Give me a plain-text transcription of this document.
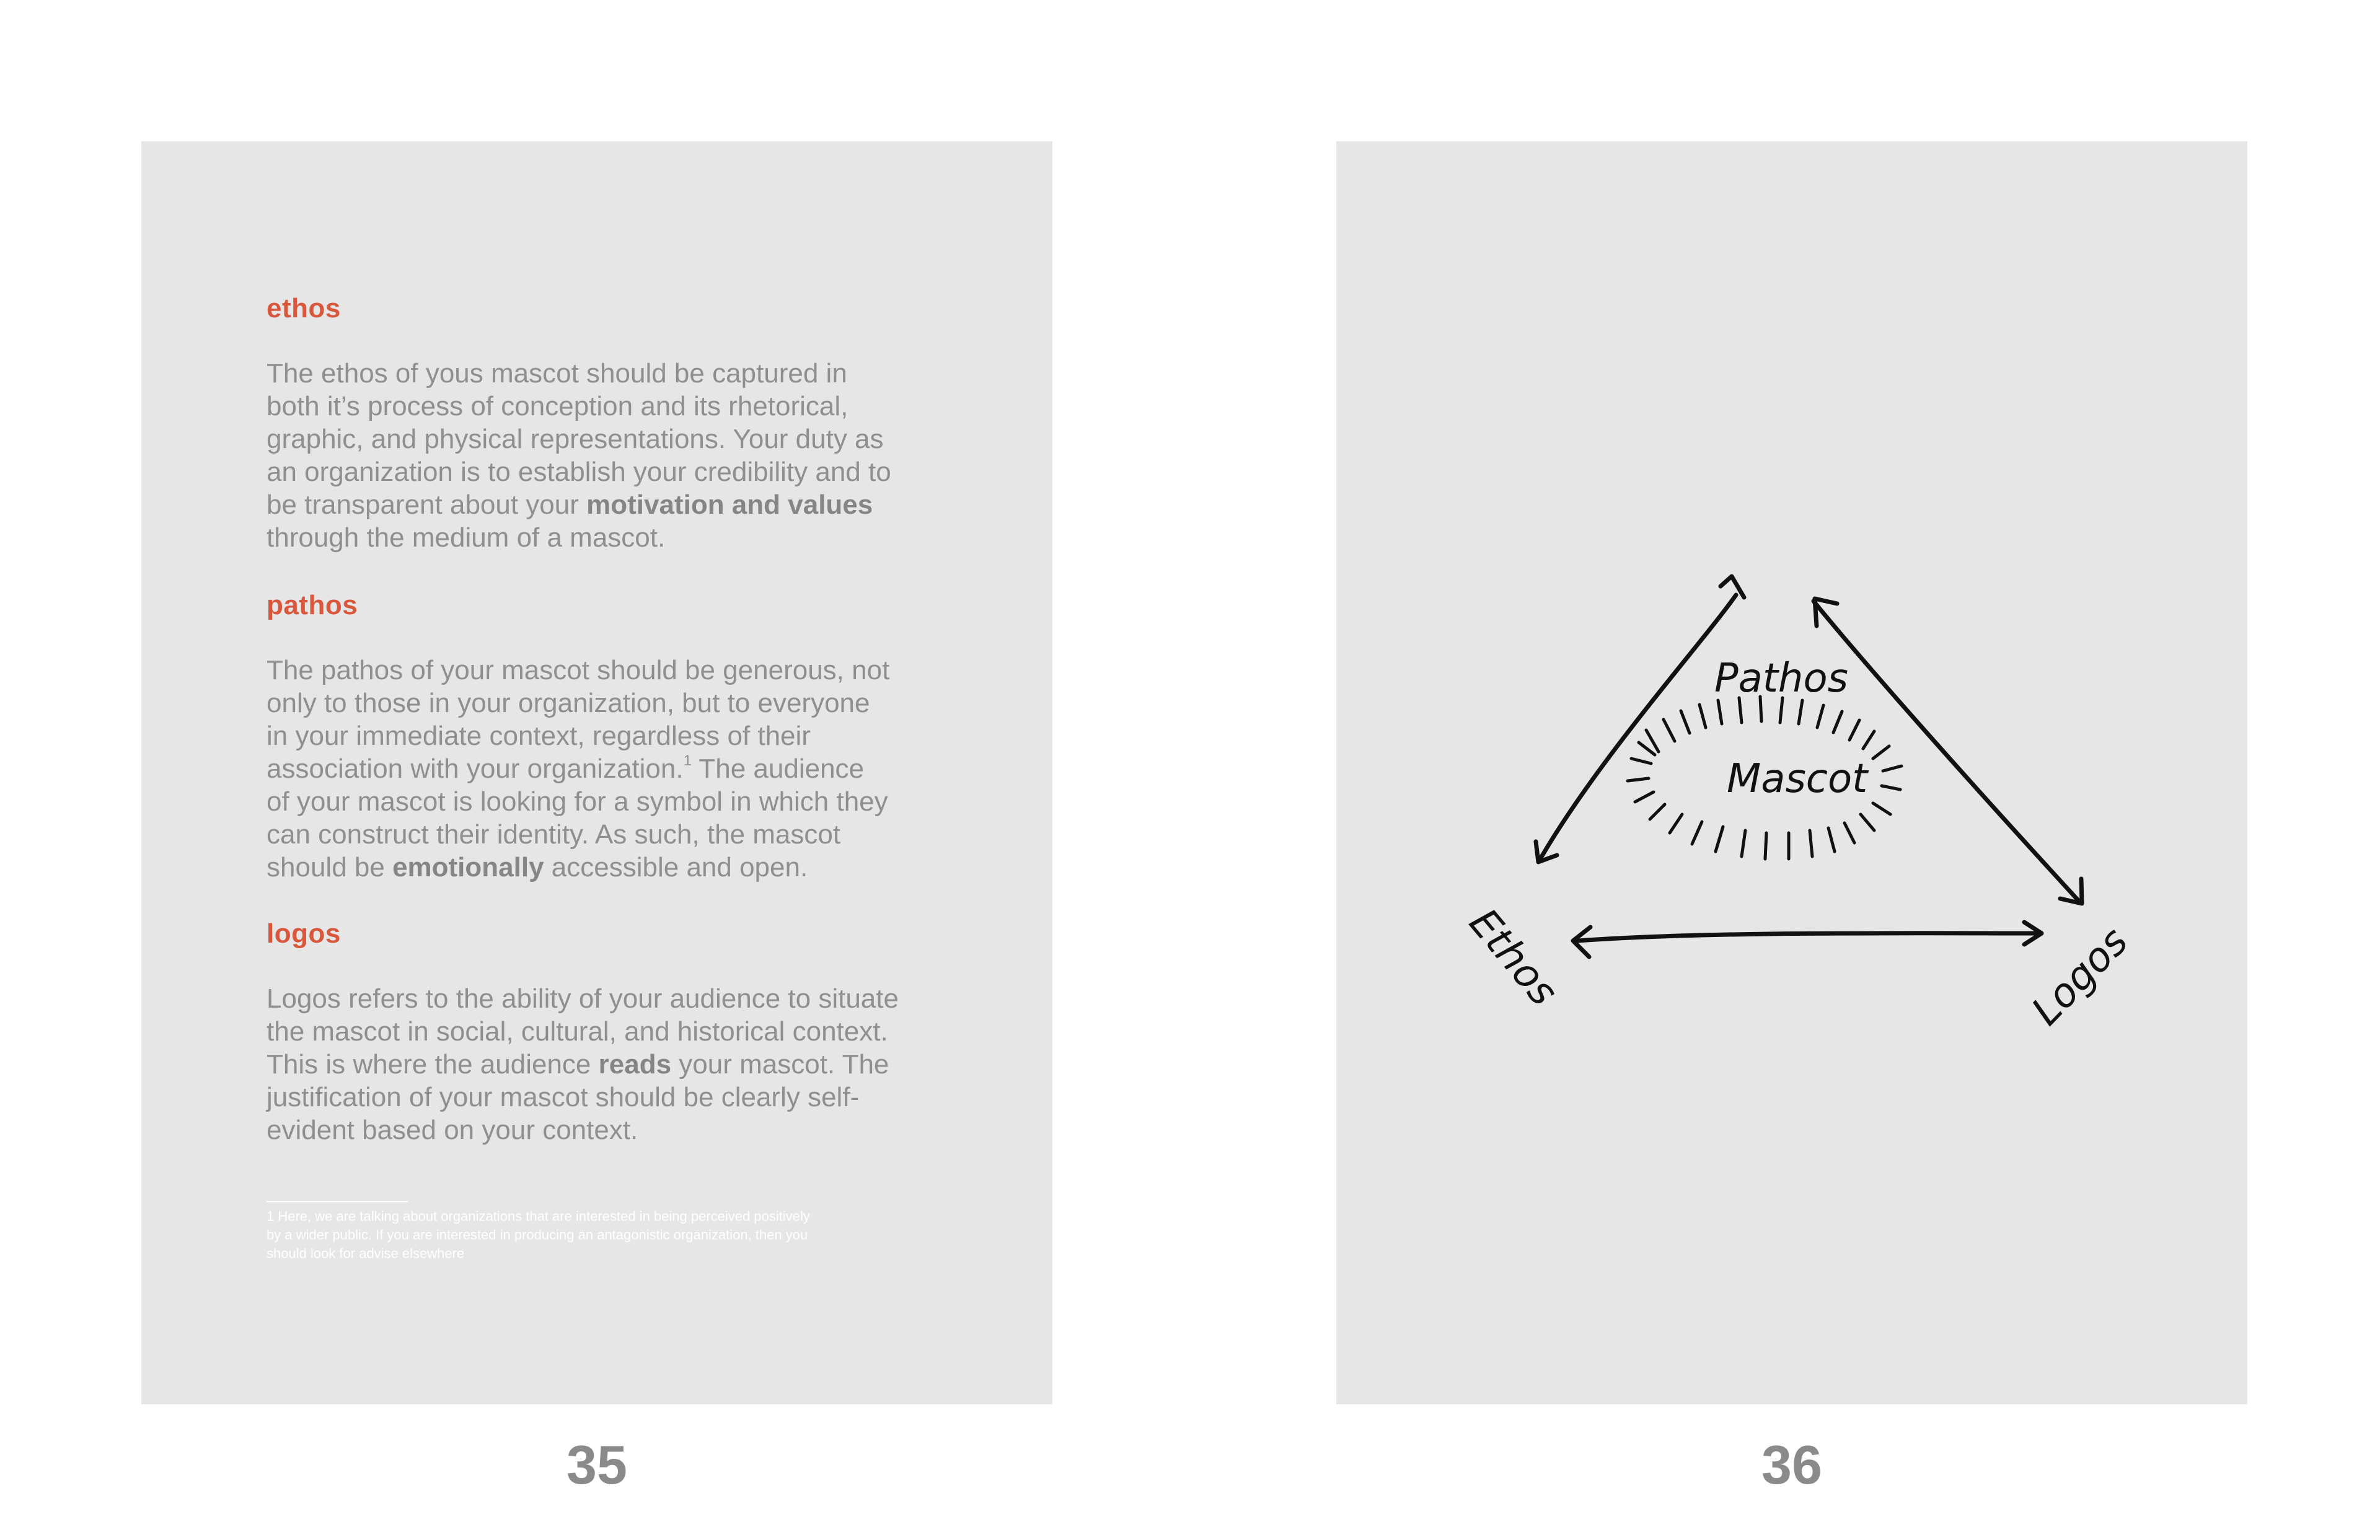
ethos

The ethos of yous mascot should be captured in
both it’s process of conception and its rhetorical,
graphic, and physical representations. Your duty as
an organization is to establish your credibility and to
be transparent about your motivation and values
through the medium of a mascot.

pathos

The pathos of your mascot should be generous, not
only to those in your organization, but to everyone
in your immediate context, regardless of their
association with your organization.$^1$ The audience
of your mascot is looking for a symbol in which they
can construct their identity. As such, the mascot
should be emotionally accessible and open.

logos

Logos refers to the ability of your audience to situate
the mascot in social, cultural, and historical context.
This is where the audience reads your mascot. The
justification of your mascot should be clearly self-
evident based on your context.

1 Here, we are talking about organizations that are interested in being perceived positively
by a wider public. If you are interested in producing an antagonistic organization, then you
should look for advise elsewhere

35
Pathos
Mascot
Ethos	Logos
36
